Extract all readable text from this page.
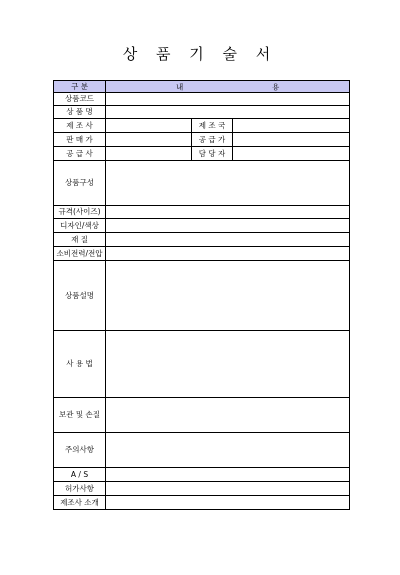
상 품 기 술 서
구 분	내 용		

상품코드			
상 품 명			
제 조 사		제 조 국	
판 매 가		공 급 가	
공 급 사		담 당 자	
상품구성			
규격(사이즈)			
디자인/색상			
재 질			
소비전력/전압			
상품설명			
사 용 법			
보관 및 손질			
주의사항			
A / S			
허가사항			
제조사 소개			
